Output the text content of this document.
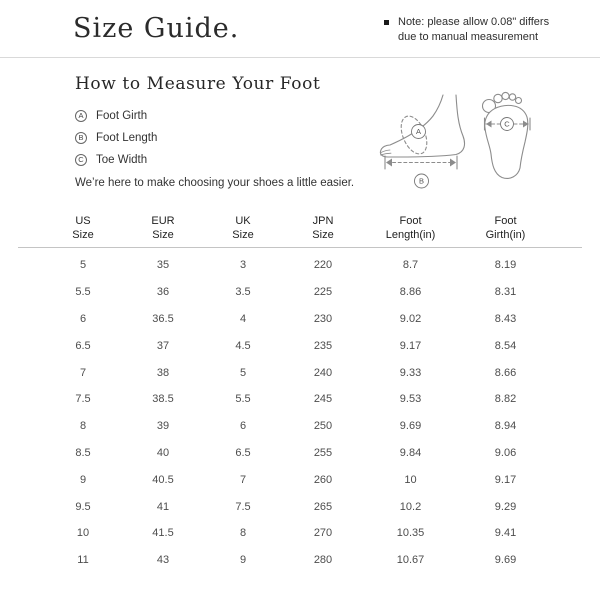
Size Guide.	Note: please allow 0.08" differs
due to manual measurement

How to Measure Your Foot
A	Foot Girth
B	Foot Length
C Toe Width
A
B
C

We’re here to make choosing your shoes a little easier.

US
Size

EUR
Size

UK
Size

JPN
Size

Foot
Length(in)

Foot
Girth(in)

5	35	3	220	8.7	8.19
5.5	36	3.5	225	8.86	8.31
6	36.5	4	230	9.02	8.43
6.5	37	4.5	235	9.17	8.54
7	38	5	240	9.33	8.66
7.5	38.5	5.5	245	9.53	8.82
8	39	6	250	9.69	8.94
8.5	40	6.5	255	9.84	9.06
9	40.5	7	260	10	9.17
9.5	41	7.5	265	10.2	9.29
10	41.5	8	270	10.35	9.41
11	43	9	280	10.67	9.69
